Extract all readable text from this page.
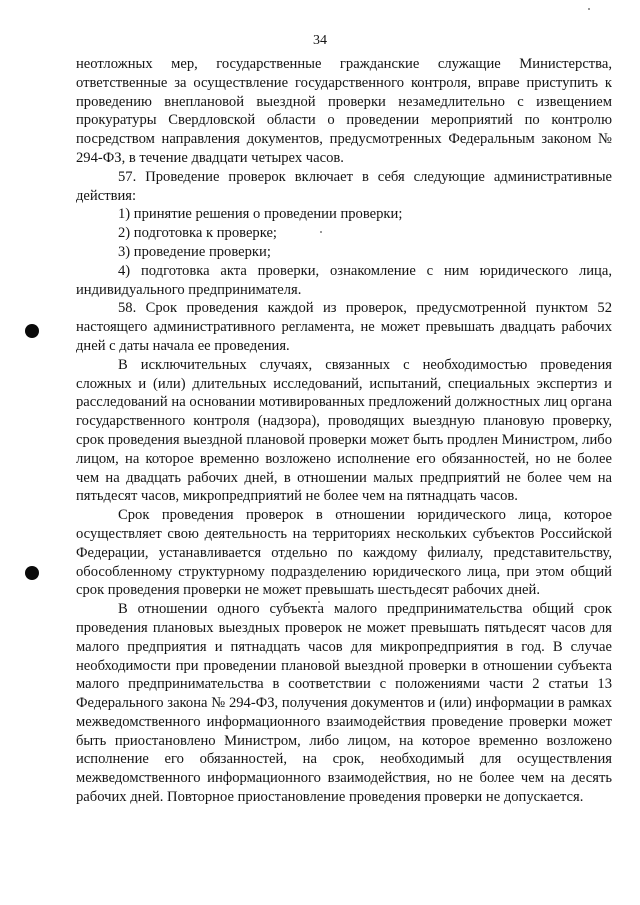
34

неотложных мер, государственные гражданские служащие Министерства, ответственные за осуществление государственного контроля, вправе приступить к проведению внеплановой выездной проверки незамедлительно с извещением прокуратуры Свердловской области о проведении мероприятий по контролю посредством направления документов, предусмотренных Федеральным законом № 294-ФЗ, в течение двадцати четырех часов.

57. Проведение проверок включает в себя следующие административные действия:

1) принятие решения о проведении проверки;

2) подготовка к проверке;

3) проведение проверки;

4) подготовка акта проверки, ознакомление с ним юридического лица, индивидуального предпринимателя.

58. Срок проведения каждой из проверок, предусмотренной пунктом 52 настоящего административного регламента, не может превышать двадцать рабочих дней с даты начала ее проведения.

В исключительных случаях, связанных с необходимостью проведения сложных и (или) длительных исследований, испытаний, специальных экспертиз и расследований на основании мотивированных предложений должностных лиц органа государственного контроля (надзора), проводящих выездную плановую проверку, срок проведения выездной плановой проверки может быть продлен Министром, либо лицом, на которое временно возложено исполнение его обязанностей, но не более чем на двадцать рабочих дней, в отношении малых предприятий не более чем на пятьдесят часов, микропредприятий не более чем на пятнадцать часов.

Срок проведения проверок в отношении юридического лица, которое осуществляет свою деятельность на территориях нескольких субъектов Российской Федерации, устанавливается отдельно по каждому филиалу, представительству, обособленному структурному подразделению юридического лица, при этом общий срок проведения проверки не может превышать шестьдесят рабочих дней.

В отношении одного субъекта малого предпринимательства общий срок проведения плановых выездных проверок не может превышать пятьдесят часов для малого предприятия и пятнадцать часов для микропредприятия в год. В случае необходимости при проведении плановой выездной проверки в отношении субъекта малого предпринимательства в соответствии с положениями части 2 статьи 13 Федерального закона № 294-ФЗ, получения документов и (или) информации в рамках межведомственного информационного взаимодействия проведение проверки может быть приостановлено Министром, либо лицом, на которое временно возложено исполнение его обязанностей, на срок, необходимый для осуществления межведомственного информационного взаимодействия, но не более чем на десять рабочих дней. Повторное приостановление проведения проверки не допускается.
